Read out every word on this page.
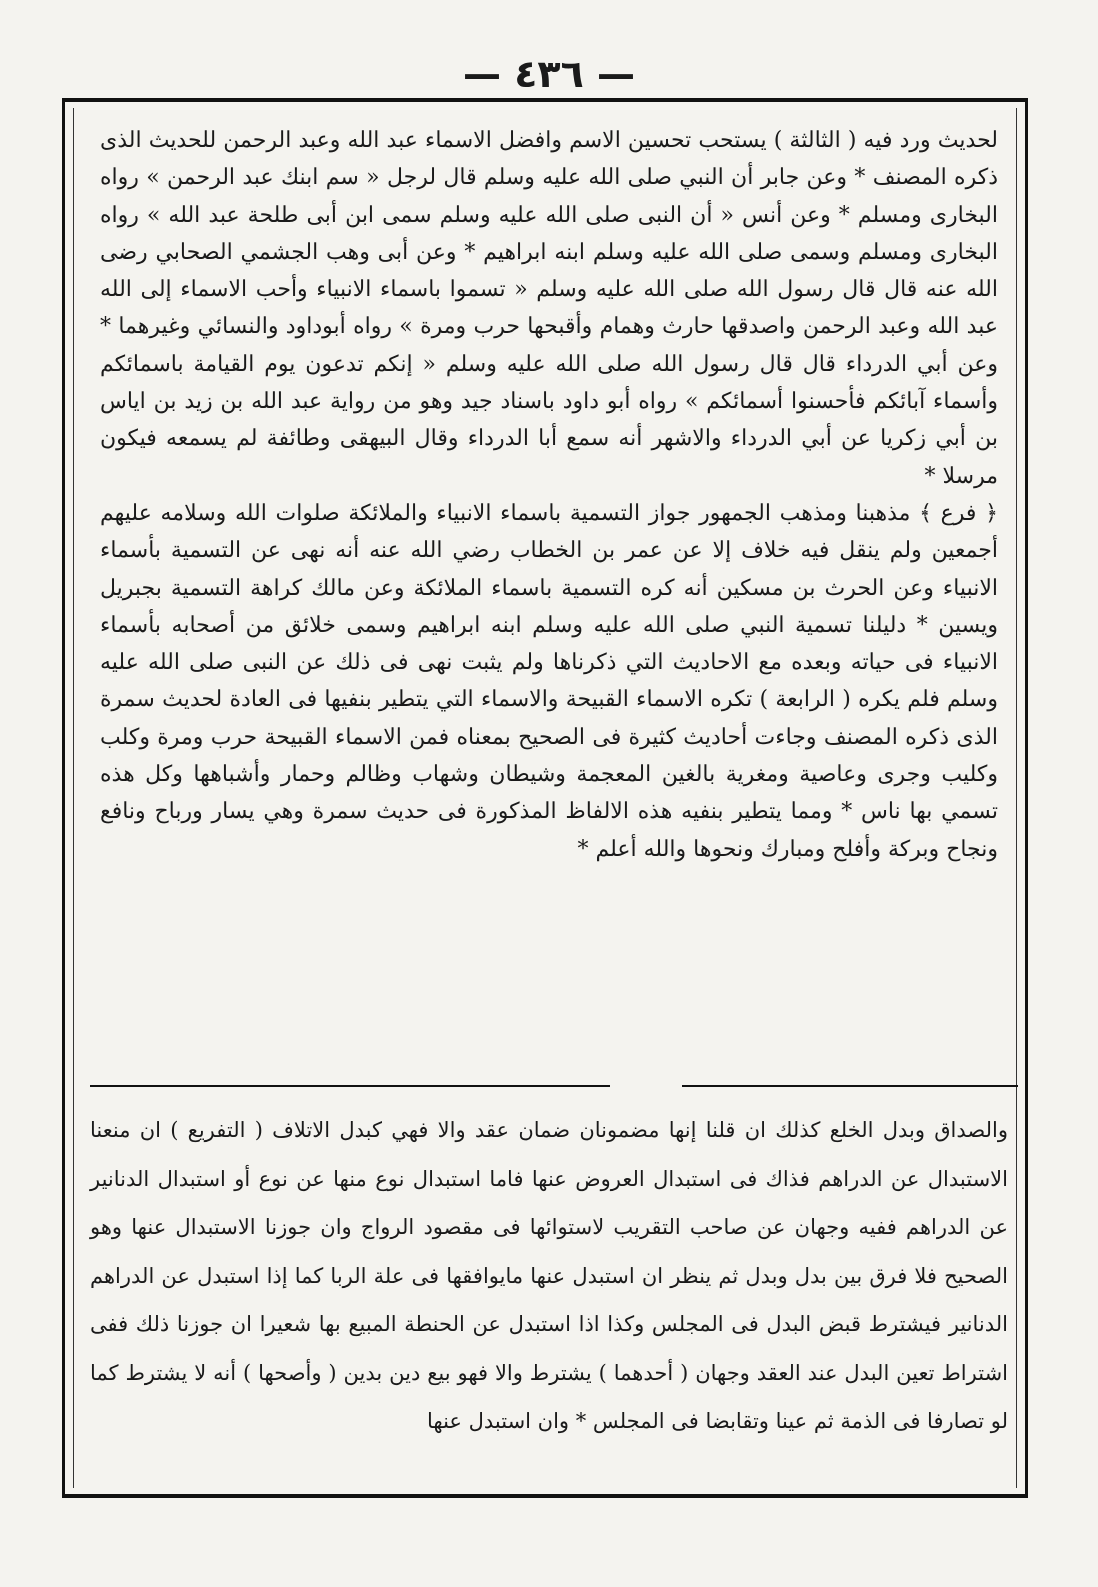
— ٤٣٦ —

لحديث ورد فيه ( الثالثة ) يستحب تحسين الاسم وافضل الاسماء عبد الله وعبد الرحمن للحديث الذى ذكره المصنف * وعن جابر أن النبي صلى الله عليه وسلم قال لرجل « سم ابنك عبد الرحمن » رواه البخارى ومسلم * وعن أنس « أن النبى صلى الله عليه وسلم سمى ابن أبى طلحة عبد الله » رواه البخارى ومسلم وسمى صلى الله عليه وسلم ابنه ابراهيم * وعن أبى وهب الجشمي الصحابي رضى الله عنه قال قال رسول الله صلى الله عليه وسلم « تسموا باسماء الانبياء وأحب الاسماء إلى الله عبد الله وعبد الرحمن واصدقها حارث وهمام وأقبحها حرب ومرة » رواه أبوداود والنسائي وغيرهما * وعن أبي الدرداء قال قال رسول الله صلى الله عليه وسلم « إنكم تدعون يوم القيامة باسمائكم وأسماء آبائكم فأحسنوا أسمائكم » رواه أبو داود باسناد جيد وهو من رواية عبد الله بن زيد بن اياس بن أبي زكريا عن أبي الدرداء والاشهر أنه سمع أبا الدرداء وقال البيهقى وطائفة لم يسمعه فيكون مرسلا *

﴿ فرع ﴾ مذهبنا ومذهب الجمهور جواز التسمية باسماء الانبياء والملائكة صلوات الله وسلامه عليهم أجمعين ولم ينقل فيه خلاف إلا عن عمر بن الخطاب رضي الله عنه أنه نهى عن التسمية بأسماء الانبياء وعن الحرث بن مسكين أنه كره التسمية باسماء الملائكة وعن مالك كراهة التسمية بجبريل ويسين * دليلنا تسمية النبي صلى الله عليه وسلم ابنه ابراهيم وسمى خلائق من أصحابه بأسماء الانبياء فى حياته وبعده مع الاحاديث التي ذكرناها ولم يثبت نهى فى ذلك عن النبى صلى الله عليه وسلم فلم يكره ( الرابعة ) تكره الاسماء القبيحة والاسماء التي يتطير بنفيها فى العادة لحديث سمرة الذى ذكره المصنف وجاءت أحاديث كثيرة فى الصحيح بمعناه فمن الاسماء القبيحة حرب ومرة وكلب وكليب وجرى وعاصية ومغرية بالغين المعجمة وشيطان وشهاب وظالم وحمار وأشباهها وكل هذه تسمي بها ناس * ومما يتطير بنفيه هذه الالفاظ المذكورة فى حديث سمرة وهي يسار ورباح ونافع ونجاح وبركة وأفلح ومبارك ونحوها والله أعلم *

والصداق وبدل الخلع كذلك ان قلنا إنها مضمونان ضمان عقد والا فهي كبدل الاتلاف ( التفريع ) ان منعنا الاستبدال عن الدراهم فذاك فى استبدال العروض عنها فاما استبدال نوع منها عن نوع أو استبدال الدنانير عن الدراهم ففيه وجهان عن صاحب التقريب لاستوائها فى مقصود الرواج وان جوزنا الاستبدال عنها وهو الصحيح فلا فرق بين بدل وبدل ثم ينظر ان استبدل عنها مايوافقها فى علة الربا كما إذا استبدل عن الدراهم الدنانير فيشترط قبض البدل فى المجلس وكذا اذا استبدل عن الحنطة المبيع بها شعيرا ان جوزنا ذلك ففى اشتراط تعين البدل عند العقد وجهان ( أحدهما ) يشترط والا فهو بيع دين بدين ( وأصحها ) أنه لا يشترط كما لو تصارفا فى الذمة ثم عينا وتقابضا فى المجلس * وان استبدل عنها
